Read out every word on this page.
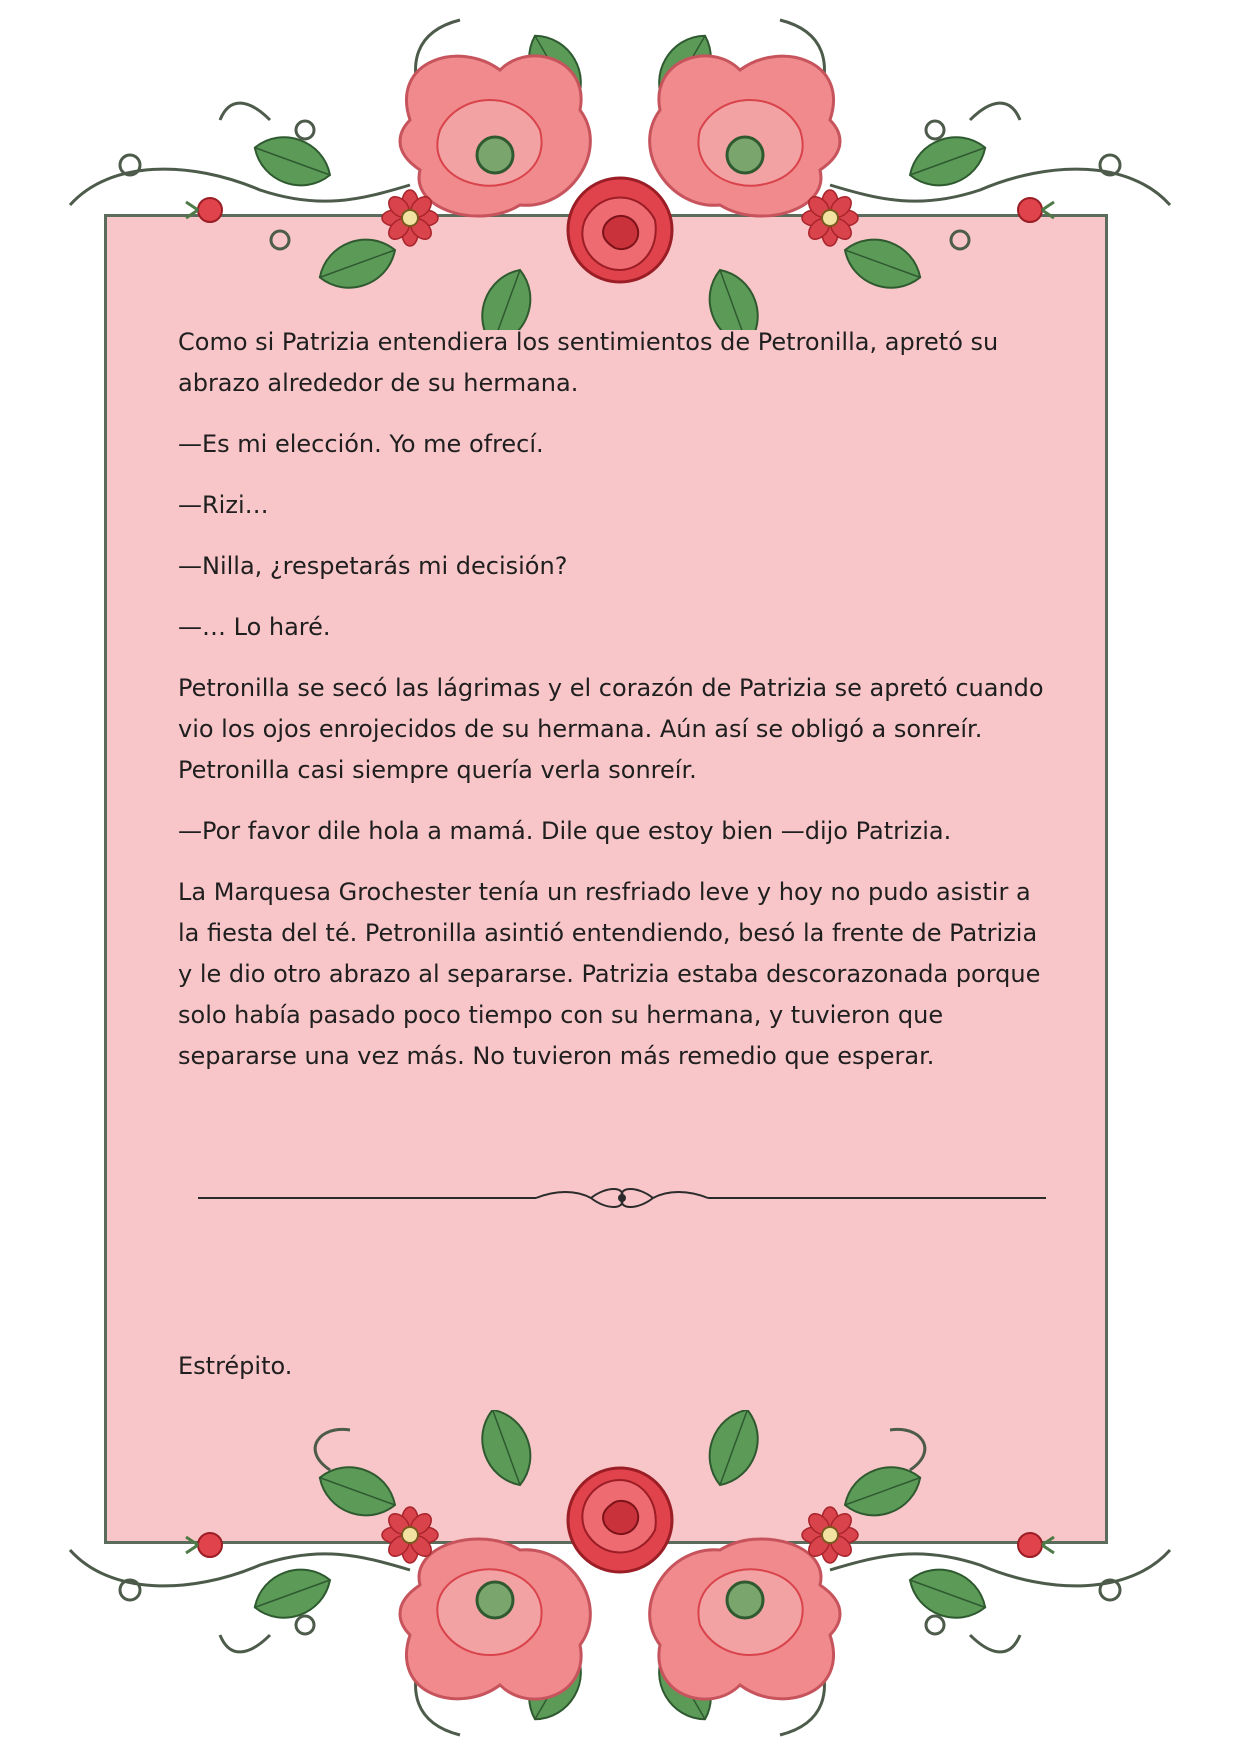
Como si Patrizia entendiera los sentimientos de Petronilla, apretó su abrazo alrededor de su hermana.

—Es mi elección. Yo me ofrecí.

—Rizi…

—Nilla, ¿respetarás mi decisión?

—… Lo haré.

Petronilla se secó las lágrimas y el corazón de Patrizia se apretó cuando vio los ojos enrojecidos de su hermana. Aún así se obligó a sonreír. Petronilla casi siempre quería verla sonreír.

—Por favor dile hola a mamá. Dile que estoy bien —dijo Patrizia.

La Marquesa Grochester tenía un resfriado leve y hoy no pudo asistir a la fiesta del té. Petronilla asintió entendiendo, besó la frente de Patrizia y le dio otro abrazo al separarse. Patrizia estaba descorazonada porque solo había pasado poco tiempo con su hermana, y tuvieron que separarse una vez más. No tuvieron más remedio que esperar.

Estrépito.
